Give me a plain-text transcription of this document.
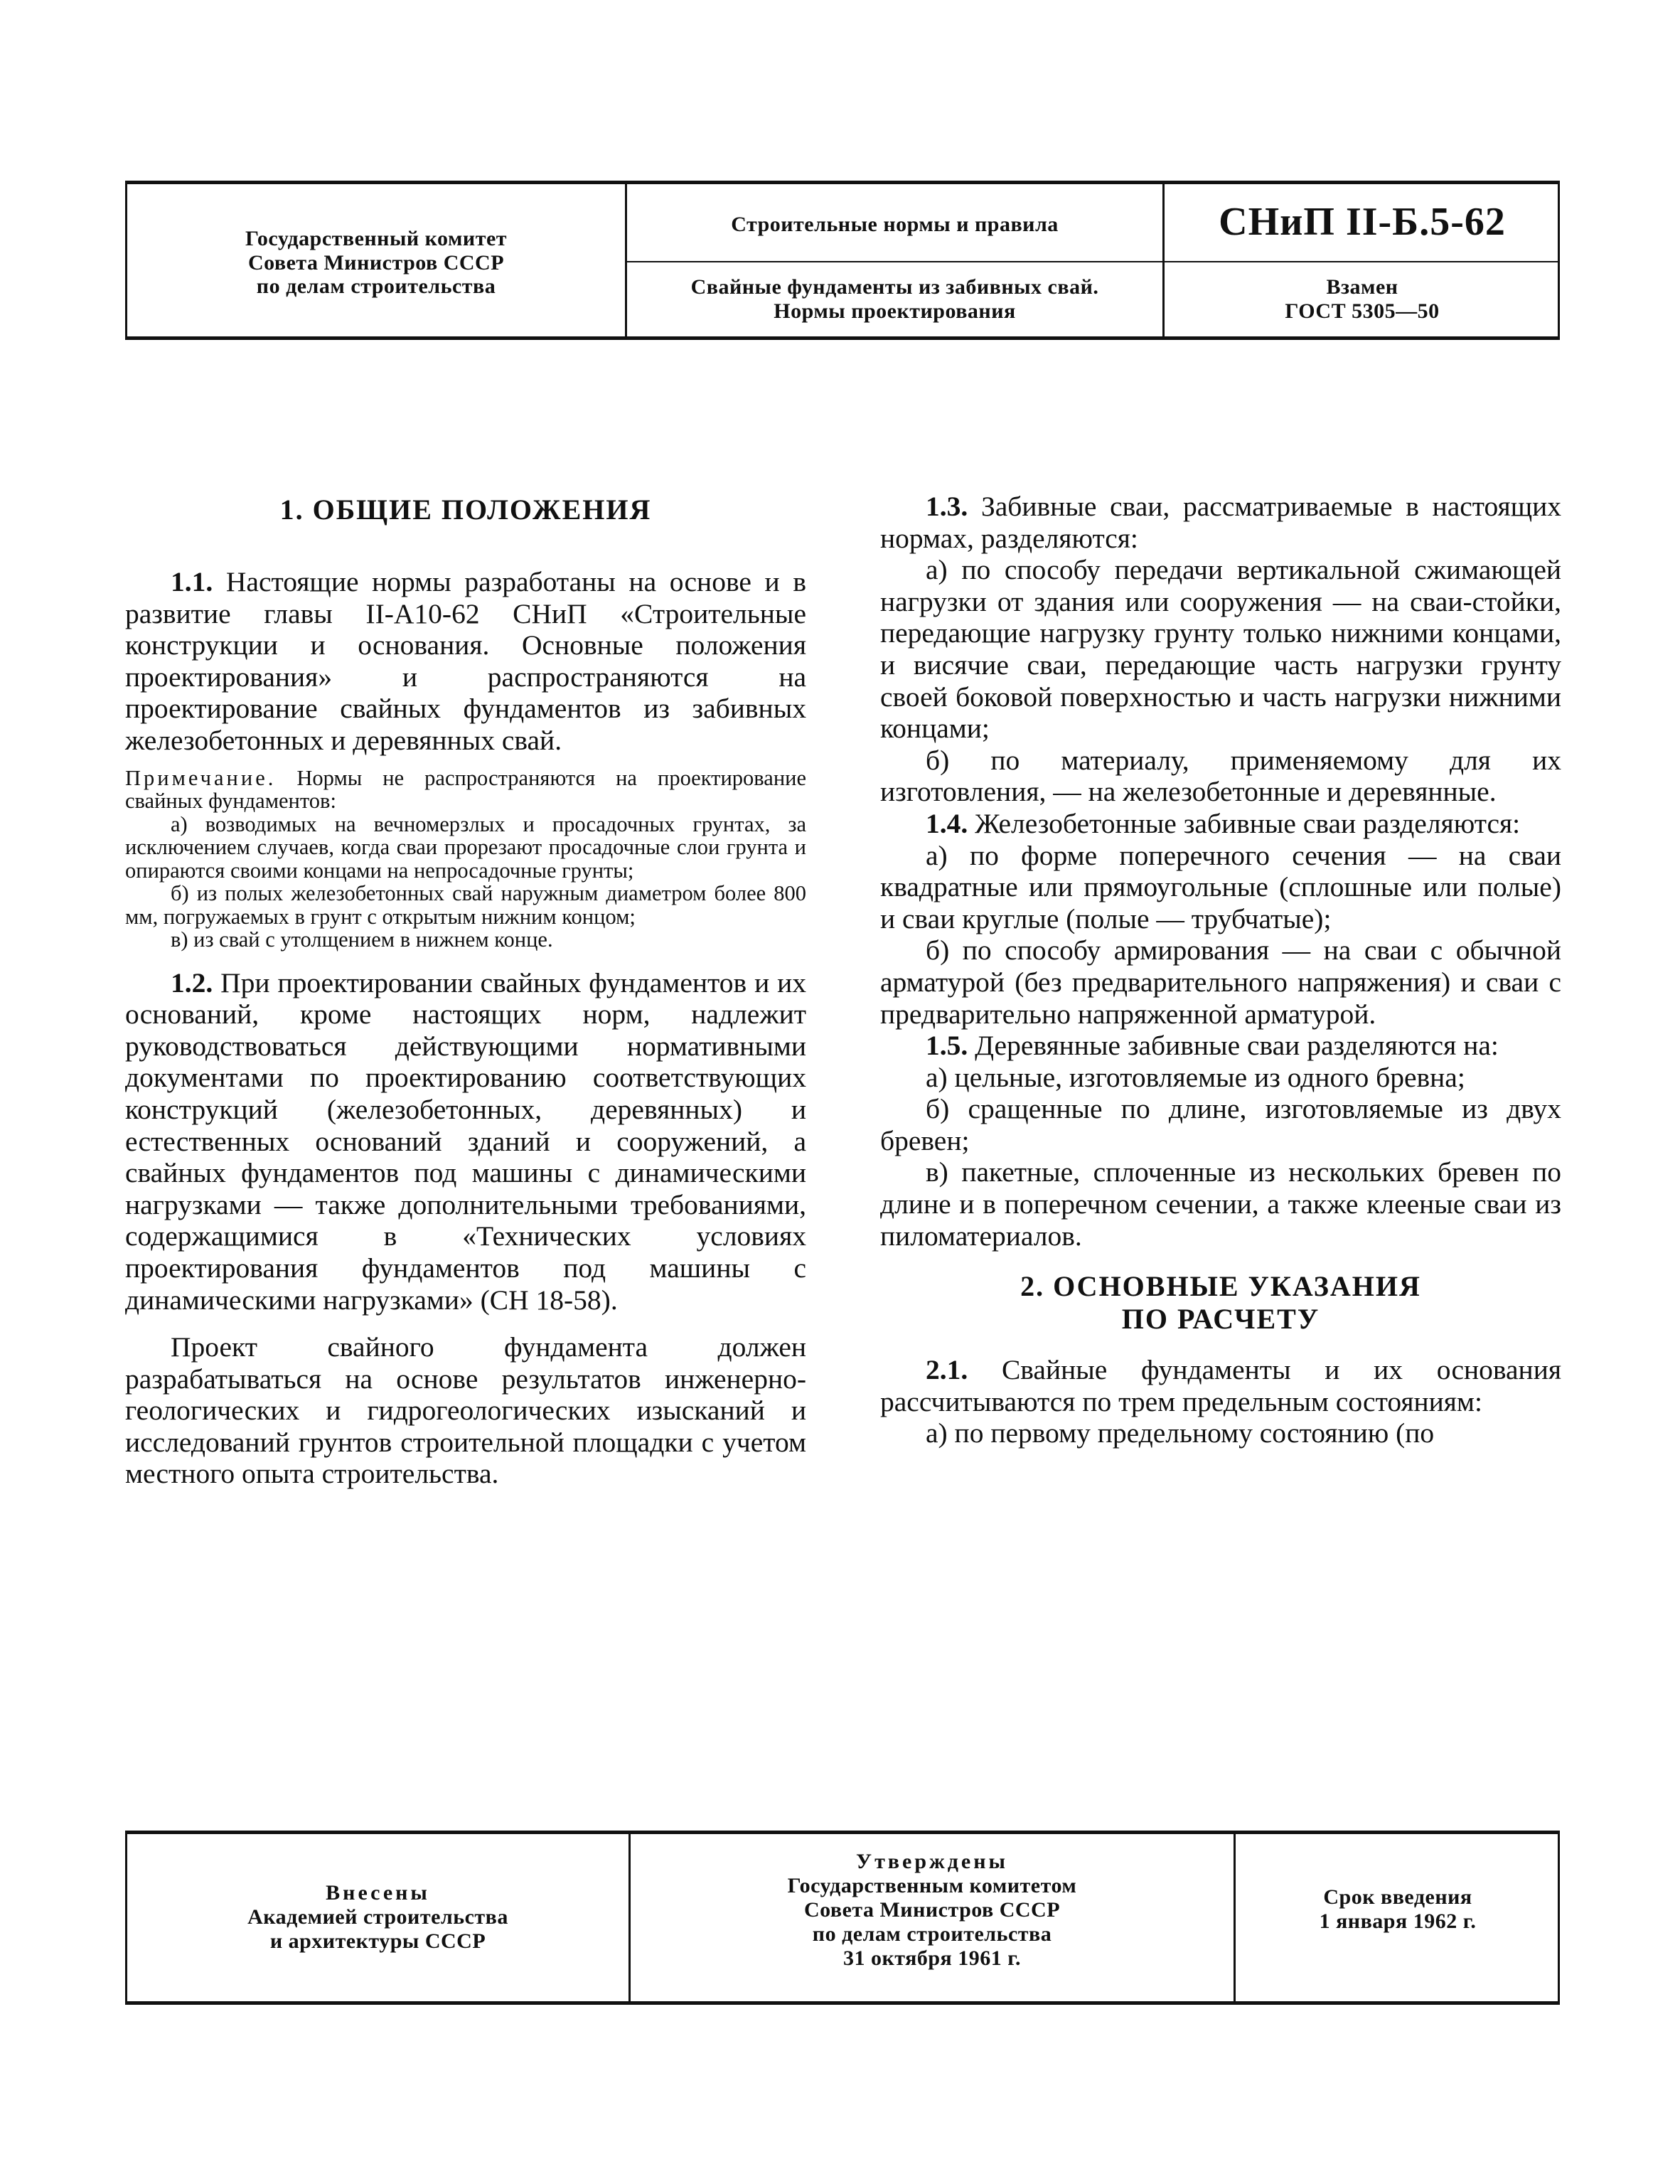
Государственный комитет
Совета Министров СССР
по делам строительства
Строительные нормы и правила
Свайные фундаменты из забивных свай.
Нормы проектирования
СНиП II-Б.5-62
Взамен
ГОСТ 5305—50
1. ОБЩИЕ ПОЛОЖЕНИЯ

1.1. Настоящие нормы разработаны на основе и в развитие главы II-А10-62 СНиП «Строительные конструкции и основания. Основные положения проектирования» и распространяются на проектирование свайных фундаментов из забивных железобетонных и деревянных свай.

Примечание. Нормы не распространяются на проектирование свайных фундаментов:

а) возводимых на вечномерзлых и просадочных грунтах, за исключением случаев, когда сваи прорезают просадочные слои грунта и опираются своими концами на непросадочные грунты;

б) из полых железобетонных свай наружным диаметром более 800 мм, погружаемых в грунт с открытым нижним концом;

в) из свай с утолщением в нижнем конце.

1.2. При проектировании свайных фундаментов и их оснований, кроме настоящих норм, надлежит руководствоваться действующими нормативными документами по проектированию соответствующих конструкций (железобетонных, деревянных) и естественных оснований зданий и сооружений, а свайных фундаментов под машины с динамическими нагрузками — также дополнительными требованиями, содержащимися в «Технических условиях проектирования фундаментов под машины с динамическими нагрузками» (СН 18-58).

Проект свайного фундамента должен разрабатываться на основе результатов инженерно-геологических и гидрогеологических изысканий и исследований грунтов строительной площадки с учетом местного опыта строительства.

1.3. Забивные сваи, рассматриваемые в настоящих нормах, разделяются:

а) по способу передачи вертикальной сжимающей нагрузки от здания или сооружения — на сваи-стойки, передающие нагрузку грунту только нижними концами, и висячие сваи, передающие часть нагрузки грунту своей боковой поверхностью и часть нагрузки нижними концами;

б) по материалу, применяемому для их изготовления, — на железобетонные и деревянные.

1.4. Железобетонные забивные сваи разделяются:

а) по форме поперечного сечения — на сваи квадратные или прямоугольные (сплошные или полые) и сваи круглые (полые — трубчатые);

б) по способу армирования — на сваи с обычной арматурой (без предварительного напряжения) и сваи с предварительно напряженной арматурой.

1.5. Деревянные забивные сваи разделяются на:

а) цельные, изготовляемые из одного бревна;

б) сращенные по длине, изготовляемые из двух бревен;

в) пакетные, сплоченные из нескольких бревен по длине и в поперечном сечении, а также клееные сваи из пиломатериалов.

2. ОСНОВНЫЕ УКАЗАНИЯ
ПО РАСЧЕТУ

2.1. Свайные фундаменты и их основания рассчитываются по трем предельным состояниям:

а) по первому предельному состоянию (по

Внесены
Академией строительства
и архитектуры СССР
Утверждены
Государственным комитетом
Совета Министров СССР
по делам строительства
31 октября 1961 г.
Срок введения
1 января 1962 г.
